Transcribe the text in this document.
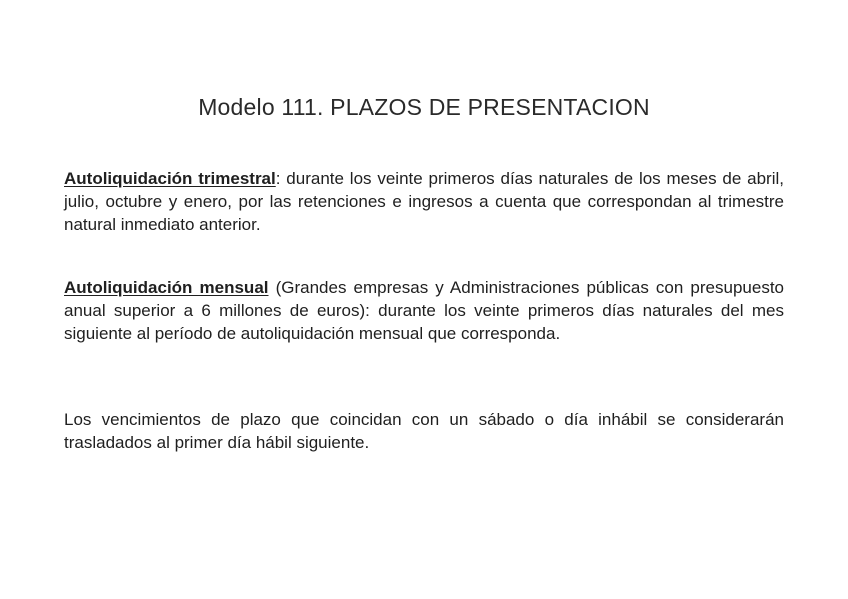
Modelo 111. PLAZOS DE PRESENTACION

Autoliquidación trimestral: durante los veinte primeros días naturales de los meses de abril, julio, octubre y enero, por las retenciones e ingresos a cuenta que correspondan al trimestre natural inmediato anterior.

Autoliquidación mensual (Grandes empresas y Administraciones públicas con presupuesto anual superior a 6 millones de euros): durante los veinte primeros días naturales del mes siguiente al período de autoliquidación mensual que corresponda.

Los vencimientos de plazo que coincidan con un sábado o día inhábil se considerarán trasladados al primer día hábil siguiente.
